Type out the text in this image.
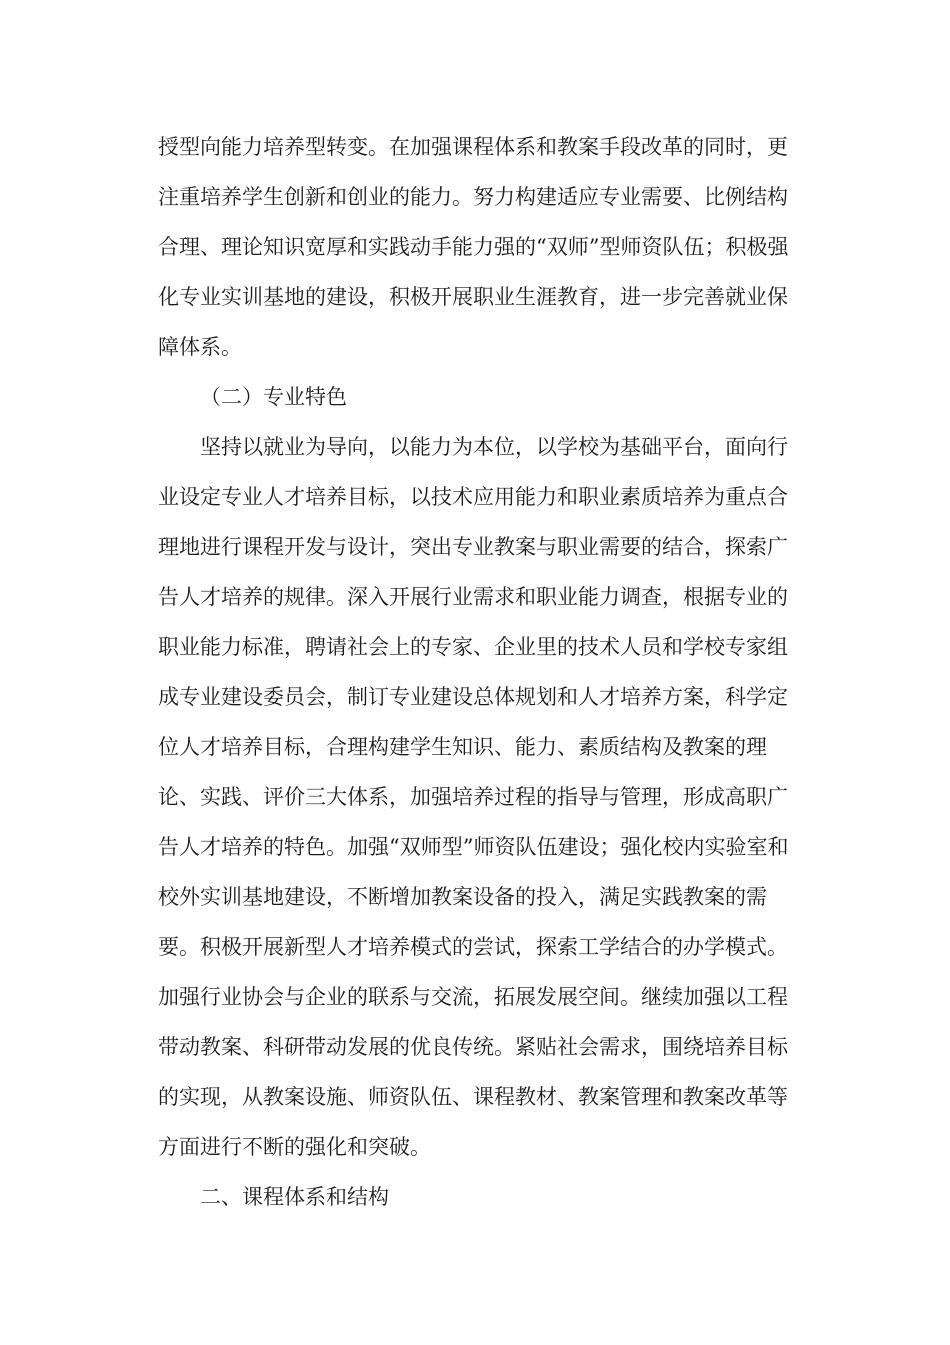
授型向能力培养型转变。在加强课程体系和教案手段改革的同时，更
注重培养学生创新和创业的能力。努力构建适应专业需要、比例结构
合理、理论知识宽厚和实践动手能力强的“双师”型师资队伍；积极强
化专业实训基地的建设，积极开展职业生涯教育，进一步完善就业保
障体系。
（二）专业特色
坚持以就业为导向，以能力为本位，以学校为基础平台，面向行
业设定专业人才培养目标，以技术应用能力和职业素质培养为重点合
理地进行课程开发与设计，突出专业教案与职业需要的结合，探索广
告人才培养的规律。深入开展行业需求和职业能力调查，根据专业的
职业能力标准，聘请社会上的专家、企业里的技术人员和学校专家组
成专业建设委员会，制订专业建设总体规划和人才培养方案，科学定
位人才培养目标，合理构建学生知识、能力、素质结构及教案的理
论、实践、评价三大体系，加强培养过程的指导与管理，形成高职广
告人才培养的特色。加强“双师型”师资队伍建设；强化校内实验室和
校外实训基地建设，不断增加教案设备的投入，满足实践教案的需
要。积极开展新型人才培养模式的尝试，探索工学结合的办学模式。
加强行业协会与企业的联系与交流，拓展发展空间。继续加强以工程
带动教案、科研带动发展的优良传统。紧贴社会需求，围绕培养目标
的实现，从教案设施、师资队伍、课程教材、教案管理和教案改革等
方面进行不断的强化和突破。
二、课程体系和结构
